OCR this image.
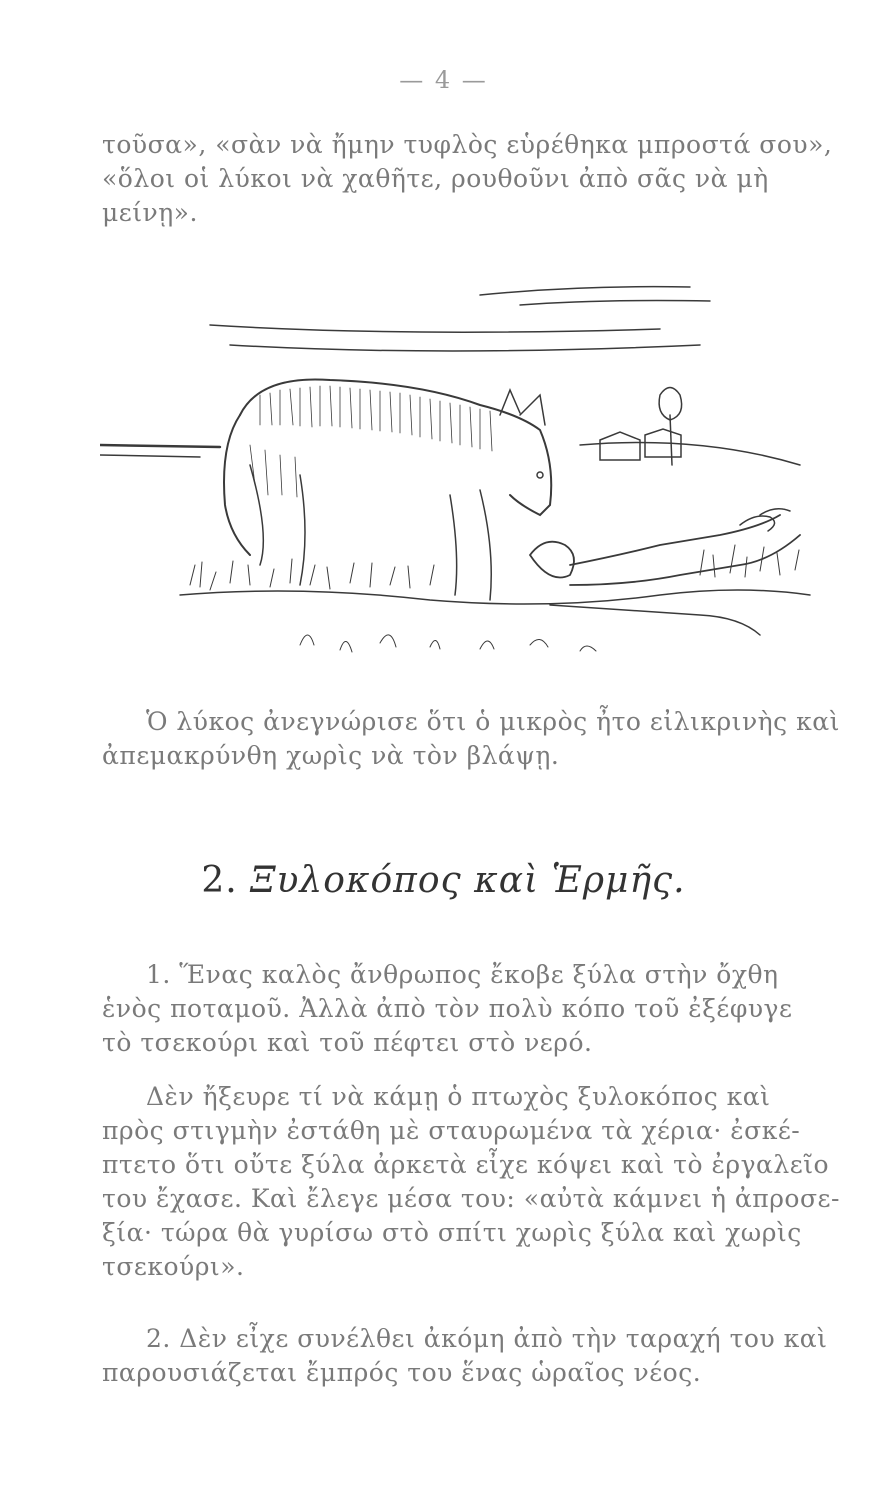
— 4 —
τοῦσα», «σὰν νὰ ἤμην τυφλὸς εὑρέθηκα μπροστά σου»,
«ὅλοι οἱ λύκοι νὰ χαθῆτε, ρουθοῦνι ἀπὸ σᾶς νὰ μὴ
μείνῃ».
Ὁ λύκος ἀνεγνώρισε ὅτι ὁ μικρὸς ἦτο εἰλικρινὴς καὶ
ἀπεμακρύνθη χωρὶς νὰ τὸν βλάψῃ.
2. Ξυλοκόπος καὶ Ἑρμῆς.
1. Ἕνας καλὸς ἄνθρωπος ἔκοβε ξύλα στὴν ὄχθη
ἑνὸς ποταμοῦ. Ἀλλὰ ἀπὸ τὸν πολὺ κόπο τοῦ ἐξέφυγε
τὸ τσεκούρι καὶ τοῦ πέφτει στὸ νερό.
Δὲν ἤξευρε τί νὰ κάμῃ ὁ πτωχὸς ξυλοκόπος καὶ
πρὸς στιγμὴν ἐστάθη μὲ σταυρωμένα τὰ χέρια· ἐσκέ-
πτετο ὅτι οὔτε ξύλα ἀρκετὰ εἶχε κόψει καὶ τὸ ἐργαλεῖο
του ἔχασε. Καὶ ἔλεγε μέσα του: «αὐτὰ κάμνει ἡ ἀπροσε-
ξία· τώρα θὰ γυρίσω στὸ σπίτι χωρὶς ξύλα καὶ χωρὶς
τσεκούρι».
2. Δὲν εἶχε συνέλθει ἀκόμη ἀπὸ τὴν ταραχή του καὶ
παρουσιάζεται ἔμπρός του ἕνας ὡραῖος νέος.
